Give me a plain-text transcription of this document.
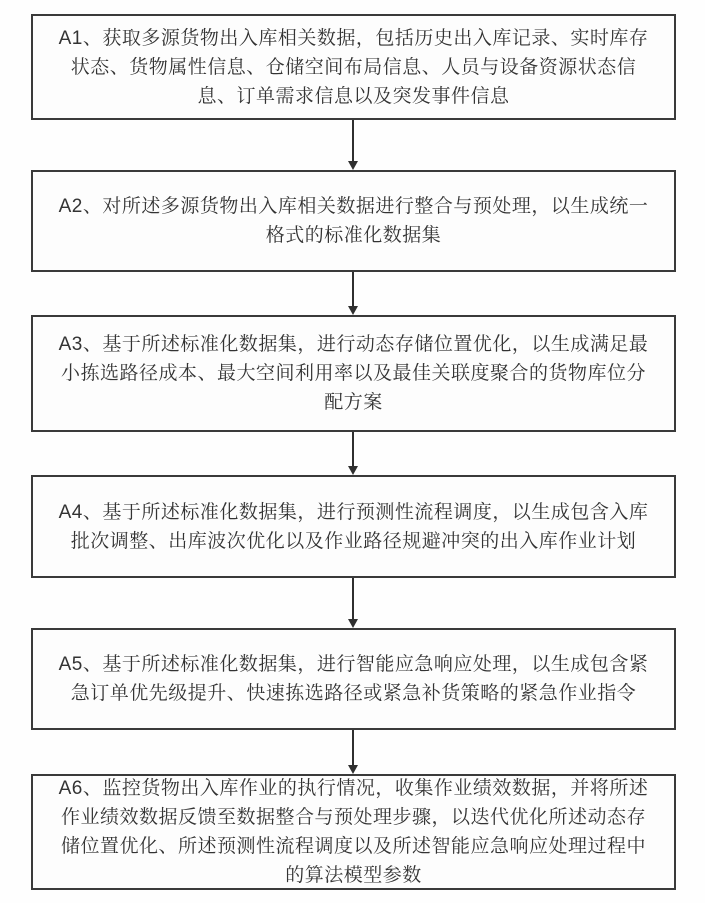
A1、获取多源货物出入库相关数据，包括历史出入库记录、实时库存
状态、货物属性信息、仓储空间布局信息、人员与设备资源状态信
息、订单需求信息以及突发事件信息
A2、对所述多源货物出入库相关数据进行整合与预处理，以生成统一
格式的标准化数据集
A3、基于所述标准化数据集，进行动态存储位置优化，以生成满足最
小拣选路径成本、最大空间利用率以及最佳关联度聚合的货物库位分
配方案
A4、基于所述标准化数据集，进行预测性流程调度，以生成包含入库
批次调整、出库波次优化以及作业路径规避冲突的出入库作业计划
A5、基于所述标准化数据集，进行智能应急响应处理，以生成包含紧
急订单优先级提升、快速拣选路径或紧急补货策略的紧急作业指令
A6、监控货物出入库作业的执行情况，收集作业绩效数据，并将所述
作业绩效数据反馈至数据整合与预处理步骤，以迭代优化所述动态存
储位置优化、所述预测性流程调度以及所述智能应急响应处理过程中
的算法模型参数
